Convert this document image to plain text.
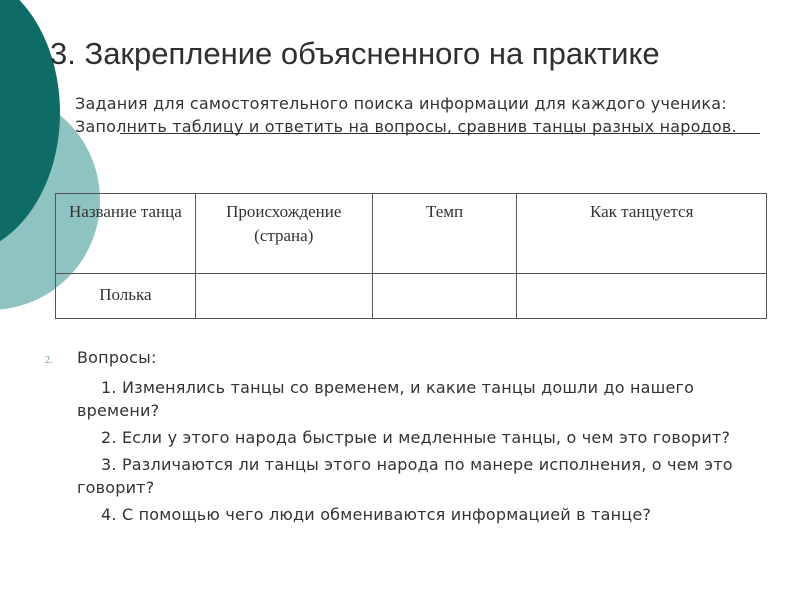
3. Закрепление объясненного на практике

Задания для самостоятельного поиска информации для каждого ученика:

Заполнить таблицу и ответить на вопросы, сравнив танцы разных народов.

Название танца	Происхождение (страна)	Темп	Как танцуется
Полька			
2.	Вопросы:
1. Изменялись танцы со временем, и какие танцы дошли до нашего времени?
2. Если у этого народа быстрые и медленные танцы, о чем это говорит?
3. Различаются ли танцы этого народа по манере исполнения, о чем это говорит?
4. С помощью чего люди обмениваются информацией в танце?
